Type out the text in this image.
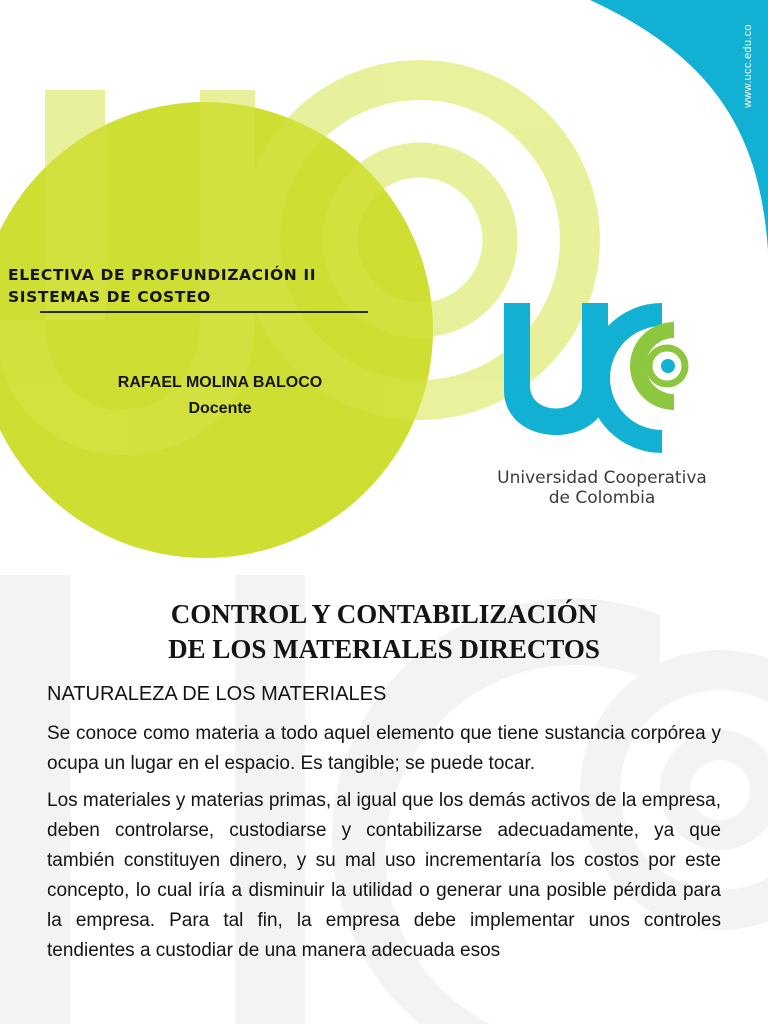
ELECTIVA DE PROFUNDIZACIÓN II
SISTEMAS DE COSTEO
RAFAEL MOLINA BALOCO
Docente
www.ucc.edu.co
Universidad Cooperativa
de Colombia
CONTROL Y CONTABILIZACIÓN
DE LOS MATERIALES DIRECTOS
NATURALEZA DE LOS MATERIALES

Se conoce como materia a todo aquel elemento que tiene sustancia corpórea y ocupa un lugar en el espacio. Es tangible; se puede tocar.

Los materiales y materias primas, al igual que los demás activos de la empresa, deben controlarse, custodiarse y contabilizarse adecuadamente, ya que también constituyen dinero, y su mal uso incrementaría los costos por este concepto, lo cual iría a disminuir la utilidad o generar una posible pérdida para la empresa. Para tal fin, la empresa debe implementar unos controles tendientes a custodiar de una manera adecuada esos
